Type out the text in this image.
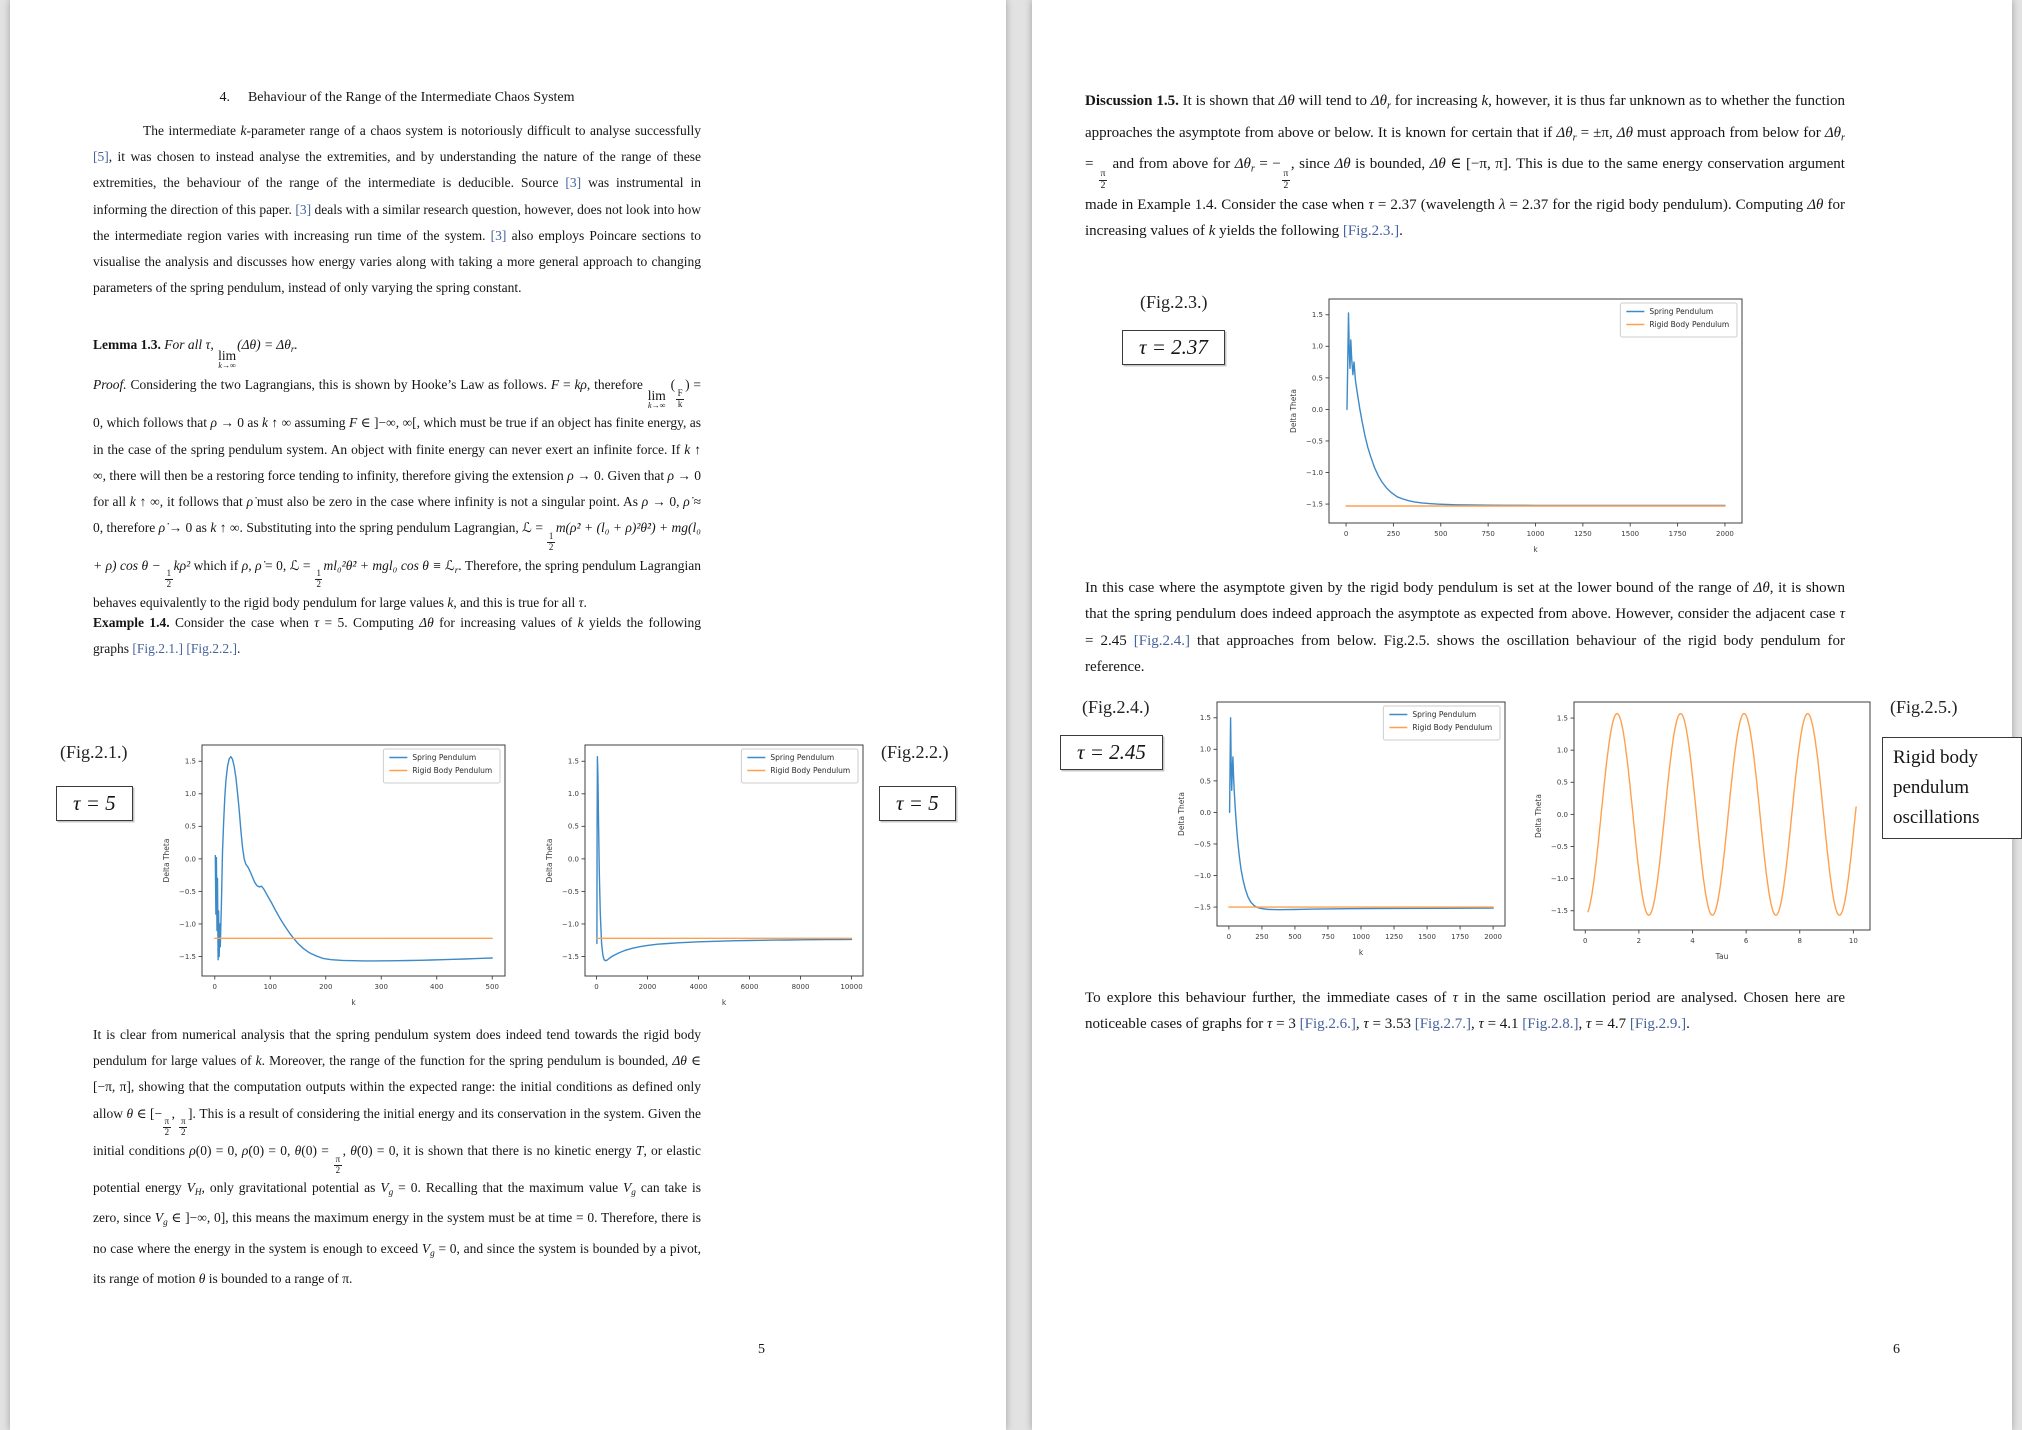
4. Behaviour of the Range of the Intermediate Chaos System

The intermediate k-parameter range of a chaos system is notoriously difficult to analyse successfully [5], it was chosen to instead analyse the extremities, and by understanding the nature of the range of these extremities, the behaviour of the range of the intermediate is deducible. Source [3] was instrumental in informing the direction of this paper. [3] deals with a similar research question, however, does not look into how the intermediate region varies with increasing run time of the system. [3] also employs Poincare sections to visualise the analysis and discusses how energy varies along with taking a more general approach to changing parameters of the spring pendulum, instead of only varying the spring constant.

Lemma 1.3. For all τ,
lim
k→∞
$(\Delta\theta) = \Delta\theta_r$.

Proof. Considering the two Lagrangians, this is shown by Hooke’s Law as follows. F = kρ, therefore
lim
k→∞
(
$\frac{F}{k}$
) = 0, which follows that ρ → 0 as k ↑ ∞ assuming F ∈ ]−∞, ∞[, which must be true if an object has finite energy, as in the case of the spring pendulum system. An object with finite energy can never exert an infinite force. If k ↑ ∞, there will then be a restoring force tending to infinity, therefore giving the extension ρ → 0. Given that ρ → 0 for all k ↑ ∞, it follows that ρ̇ must also be zero in the case where infinity is not a singular point. As ρ → 0, ρ̇ ≈ 0, therefore ρ̇ → 0 as k ↑ ∞. Substituting into the spring pendulum Lagrangian, ℒ =
$\frac{1}{2}$
m(ρ̇² + (l₀ + ρ)²θ̇²) + mg(l₀ + ρ) cos θ −
$\frac{1}{2}$
kρ² which if ρ, ρ̇ = 0, ℒ =
$\frac{1}{2}$
ml₀²θ̇² + mgl₀ cos θ ≡ ℒ$_r$. Therefore, the spring pendulum Lagrangian behaves equivalently to the rigid body pendulum for large values k, and this is true for all τ.

Example 1.4. Consider the case when τ = 5. Computing Δθ for increasing values of k yields the following graphs [Fig.2.1.] [Fig.2.2.].

(Fig.2.1.)
τ = 5
0	100	200	300	400	500
−1.5
−1.0
−0.5
0.0
0.5
1.0
1.5
k
Delta Theta
Spring Pendulum
Rigid Body Pendulum
0	2000	4000	6000	8000	10000
−1.5
−1.0
−0.5
0.0
0.5
1.0
1.5
k
Delta Theta
Spring Pendulum
Rigid Body Pendulum
(Fig.2.2.)
τ = 5

It is clear from numerical analysis that the spring pendulum system does indeed tend towards the rigid body pendulum for large values of k. Moreover, the range of the function for the spring pendulum is bounded, Δθ ∈ [−π, π], showing that the computation outputs within the expected range: the initial conditions as defined only allow θ ∈ [−
$\frac{\pi}{2}$
,
$\frac{\pi}{2}$
]. This is a result of considering the initial energy and its conservation in the system. Given the initial conditions ρ(0) = 0, ρ̇(0) = 0, θ(0) =
$\frac{\pi}{2}$
, θ̇(0) = 0, it is shown that there is no kinetic energy T, or elastic potential energy $V_H$, only gravitational potential as $V_g = 0$. Recalling that the maximum value $V_g$ can take is zero, since $V_g$ ∈ ]−∞, 0], this means the maximum energy in the system must be at time = 0. Therefore, there is no case where the energy in the system is enough to exceed $V_g = 0$, and since the system is bounded by a pivot, its range of motion θ is bounded to a range of π.

5

Discussion 1.5. It is shown that Δθ will tend to $\Delta\theta_r$ for increasing k, however, it is thus far unknown as to whether the function approaches the asymptote from above or below. It is known for certain that if $\Delta\theta_r = \pm\pi$, Δθ must approach from below for $\Delta\theta_r$ =
$\frac{\pi}{2}$
and from above for $\Delta\theta_r$ = −
$\frac{\pi}{2}$
, since Δθ is bounded, Δθ ∈ [−π, π]. This is due to the same energy conservation argument made in Example 1.4. Consider the case when τ = 2.37 (wavelength λ = 2.37 for the rigid body pendulum). Computing Δθ for increasing values of k yields the following [Fig.2.3.].

(Fig.2.3.)
τ = 2.37
0	250	500	750	1000	1250	1500	1750	2000
−1.5
−1.0
−0.5
0.0
0.5
1.0
1.5
k
Delta Theta
Spring Pendulum
Rigid Body Pendulum

In this case where the asymptote given by the rigid body pendulum is set at the lower bound of the range of Δθ, it is shown that the spring pendulum does indeed approach the asymptote as expected from above. However, consider the adjacent case τ = 2.45 [Fig.2.4.] that approaches from below. Fig.2.5. shows the oscillation behaviour of the rigid body pendulum for reference.

(Fig.2.4.)
τ = 2.45
0	250	500	750 1000 1250 1500 1750 2000
−1.5
−1.0
−0.5
0.0
0.5
1.0
1.5
k
Delta Theta
Spring Pendulum
Rigid Body Pendulum
0	2	4	6	8	10
−1.5
−1.0
−0.5
0.0
0.5
1.0
1.5
Tau
Delta Theta
(Fig.2.5.)
Rigid body pendulum oscillations

To explore this behaviour further, the immediate cases of τ in the same oscillation period are analysed. Chosen here are noticeable cases of graphs for τ = 3 [Fig.2.6.], τ = 3.53 [Fig.2.7.], τ = 4.1 [Fig.2.8.], τ = 4.7 [Fig.2.9.].

6
